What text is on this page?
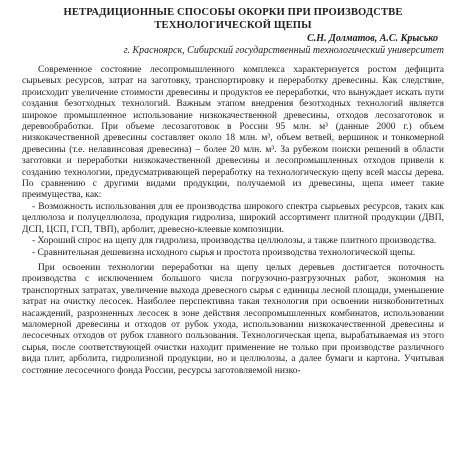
НЕТРАДИЦИОННЫЕ СПОСОБЫ ОКОРКИ ПРИ ПРОИЗВОДСТВЕ
ТЕХНОЛОГИЧЕСКОЙ ЩЕПЫ
С.Н. Долматов, А.С. Крысько
г. Красноярск, Сибирский государственный технологический университет

Современное состояние лесопромышленного комплекса характеризуется ростом дефицита сырьевых ресурсов, затрат на заготовку, транспортировку и переработку древесины. Как следствие, происходит увеличение стоимости древесины и продуктов ее переработки, что вынуждает искать пути создания безотходных технологий. Важным этапом внедрения безотходных технологий является широкое промышленное использование низкокачественной древесины, отходов лесозаготовок и деревообработки. При объеме лесозаготовок в России 95 млн. м³ (данные 2000 г.) объем низкокачественной древесины составляет около 18 млн. м³, объем ветвей, вершинок и тонкомерной древесины (т.е. нелавинсовая древесина) – более 20 млн. м³. За рубежом поиски решений в области заготовки и переработки низкокачественной древесины и лесопромышленных отходов привели к созданию технологии, предусматривающей переработку на технологическую щепу всей массы дерева. По сравнению с другими видами продукции, получаемой из древесины, щепа имеет такие преимущества, как:

- Возможность использования для ее производства широкого спектра сырьевых ресурсов, таких как целлюлоза и полуцеллюлоза, продукция гидролиза, широкий ассортимент плитной продукции (ДВП, ДСП, ЦСП, ГСП, ТВП), арболит, древесно-клеевые композиции.

- Хороший спрос на щепу для гидролиза, производства целлюлозы, а также плитного производства.

- Сравнительная дешевизна исходного сырья и простота производства технологической щепы.

При освоении технологии переработки на щепу целых деревьев достигается поточность производства с исключением большого числа погрузочно-разгрузочных работ, экономия на транспортных затратах, увеличение выхода древесного сырья с единицы лесной площади, уменьшение затрат на очистку лесосек. Наиболее перспективна такая технология при освоении низкобонитетных насаждений, разрозненных лесосек в зоне действия лесопромышленных комбинатов, использовании маломерной древесины и отходов от рубок ухода, использовании низкокачественной древесины и лесосечных отходов от рубок главного пользования. Технологическая щепа, вырабатываемая из этого сырья, после соответствующей очистки находит применение не только при производстве различного вида плит, арболита, гидролизной продукции, но и целлюлозы, а далее бумаги и картона. Учитывая состояние лесосечного фонда России, ресурсы заготовляемой низко-
